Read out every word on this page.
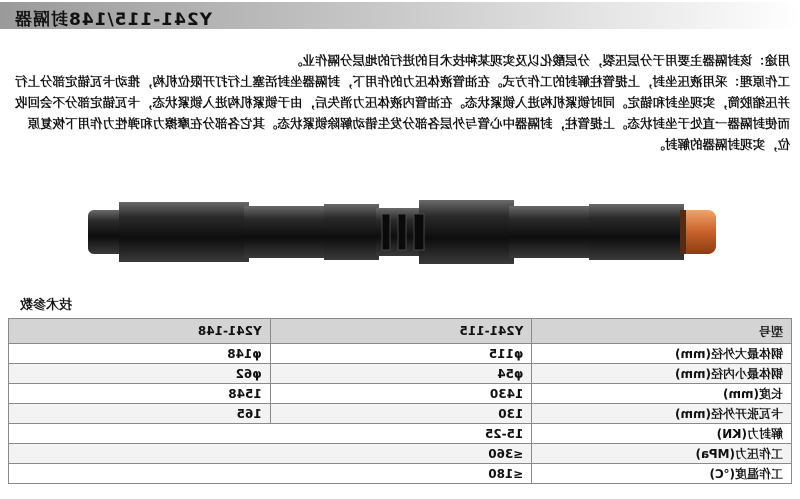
Y241-115/148封隔器

用途：该封隔器主要用于分层压裂，分层酸化以及实现某种技术目的进行的地层分隔作业。

工作原理：采用液压坐封，上提管柱解封的工作方式。在油管液体压力的作用下，封隔器坐封活塞上行打开限位机构，推动卡瓦锚定部分上行并压缩胶筒，实现坐封和锚定。同时锁紧机构进入锁紧状态。在油管内液体压力消失后，由于锁紧机构进入锁紧状态，卡瓦锚定部分不会回收而使封隔器一直处于坐封状态。上提管柱，封隔器中心管与外层各部分发生错动解除锁紧状态。其它各部分在摩擦力和弹性力作用下恢复原位，实现封隔器的解封。

技术参数
型号	Y241-115	Y241-148
钢体最大外径(mm)	φ115	φ148
钢体最小内径(mm)	φ54	φ62
长度(mm)	1430	1548
卡瓦张开外径(mm)	130	165
解封力(KN)	15-25	
工作压力(MPa)	≤360	
工作温度(℃)	≤180	
